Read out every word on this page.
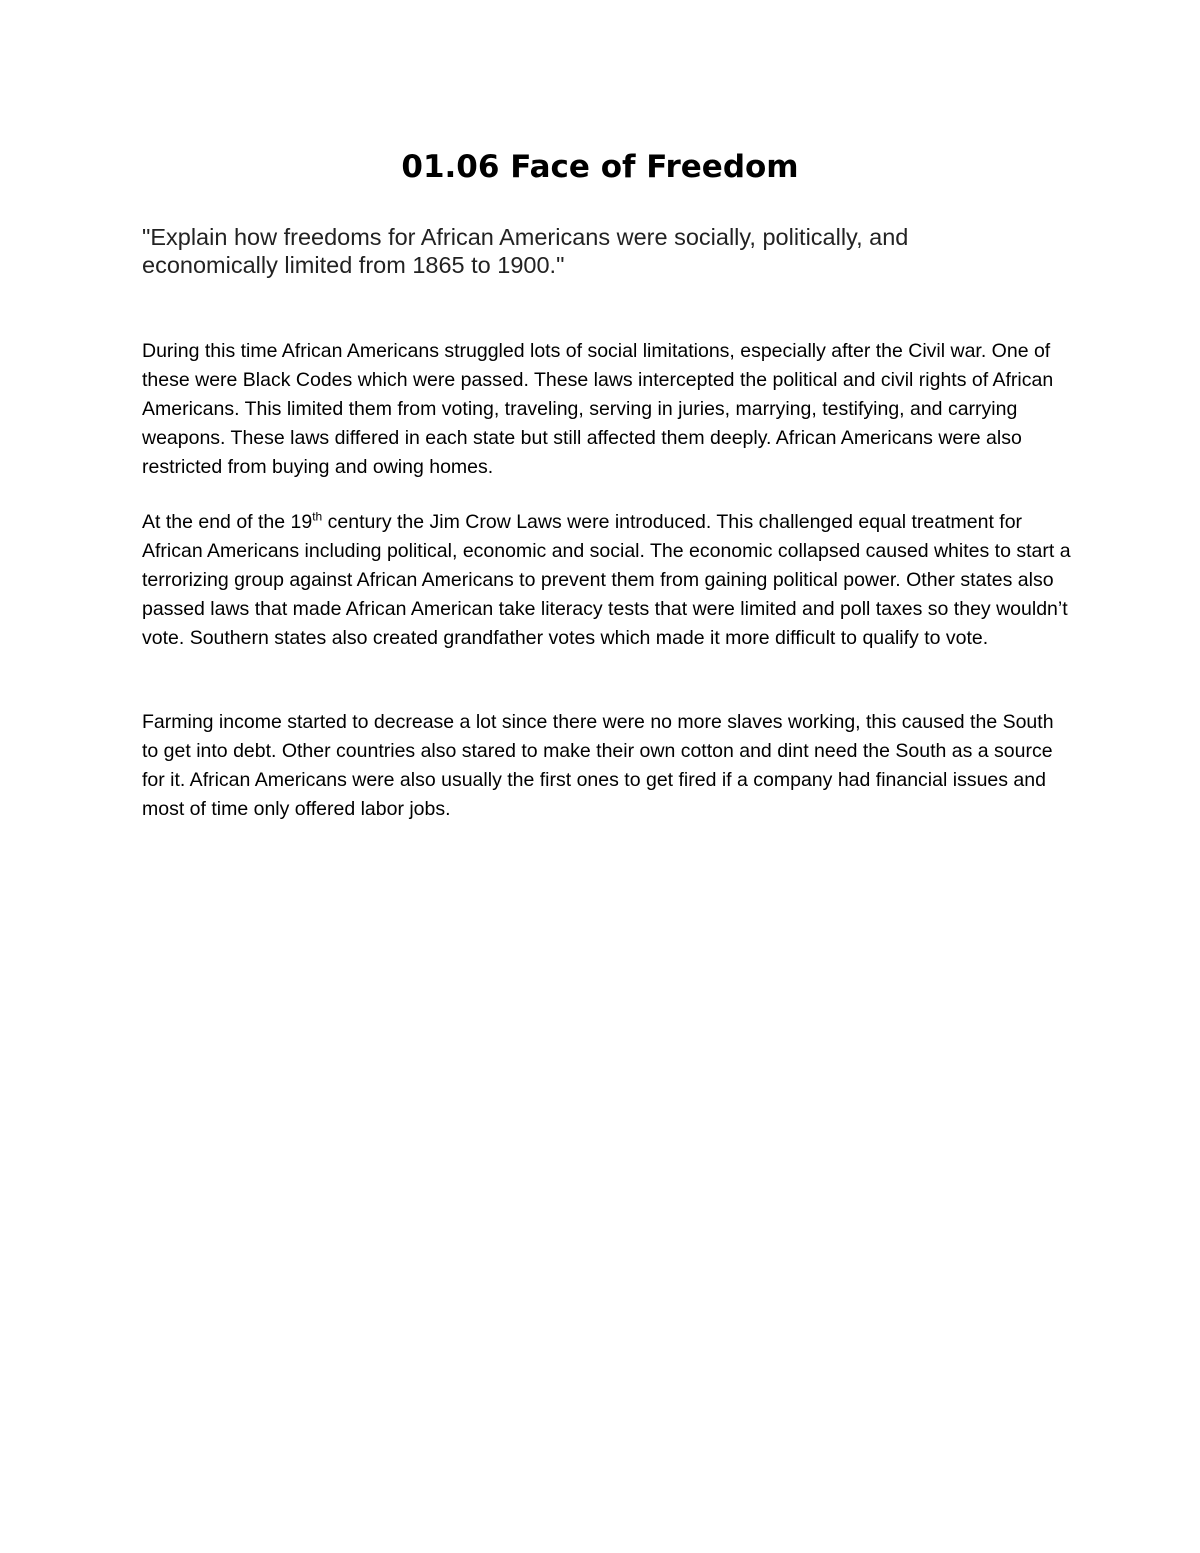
01.06 Face of Freedom

"Explain how freedoms for African Americans were socially, politically, and economically limited from 1865 to 1900."

During this time African Americans struggled lots of social limitations, especially after the Civil war. One of these were Black Codes which were passed. These laws intercepted the political and civil rights of African Americans. This limited them from voting, traveling, serving in juries, marrying, testifying, and carrying weapons. These laws differed in each state but still affected them deeply. African Americans were also restricted from buying and owing homes.

At the end of the 19th century the Jim Crow Laws were introduced. This challenged equal treatment for African Americans including political, economic and social. The economic collapsed caused whites to start a terrorizing group against African Americans to prevent them from gaining political power. Other states also passed laws that made African American take literacy tests that were limited and poll taxes so they wouldn’t vote. Southern states also created grandfather votes which made it more difficult to qualify to vote.

Farming income started to decrease a lot since there were no more slaves working, this caused the South to get into debt. Other countries also stared to make their own cotton and dint need the South as a source for it. African Americans were also usually the first ones to get fired if a company had financial issues and most of time only offered labor jobs.
